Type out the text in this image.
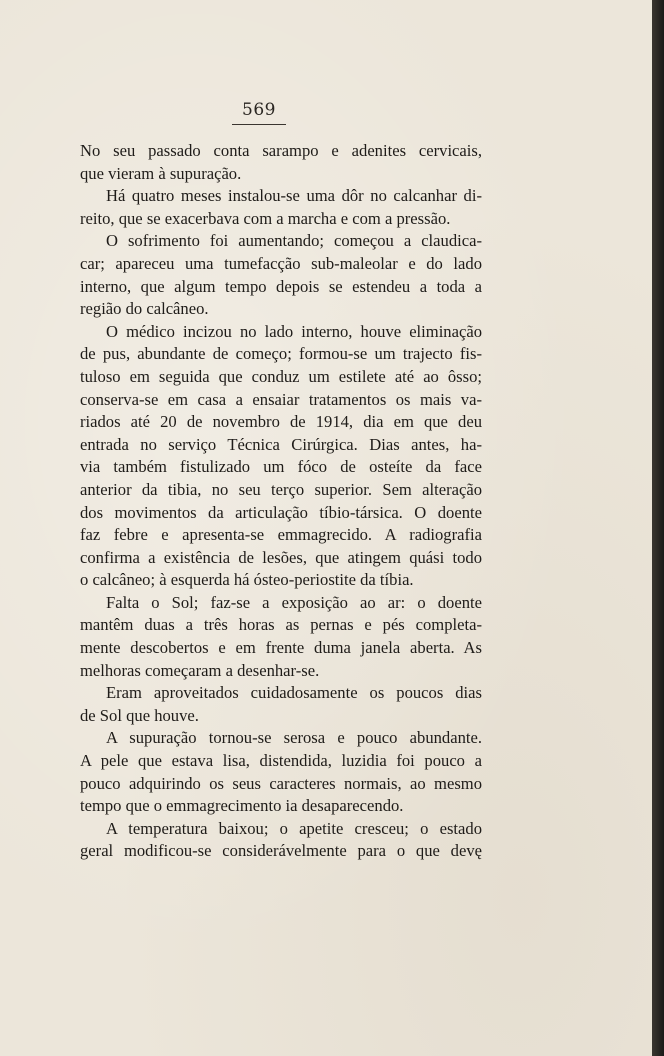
569
No seu passado conta sarampo e adenites cervicais,
que vieram à supuração.
Há quatro meses instalou-se uma dôr no calcanhar di-
reito, que se exacerbava com a marcha e com a pressão.
O sofrimento foi aumentando; começou a claudica-
car; apareceu uma tumefacção sub-maleolar e do lado
interno, que algum tempo depois se estendeu a toda a
região do calcâneo.
O médico incizou no lado interno, houve eliminação
de pus, abundante de começo; formou-se um trajecto fis-
tuloso em seguida que conduz um estilete até ao ôsso;
conserva-se em casa a ensaiar tratamentos os mais va-
riados até 20 de novembro de 1914, dia em que deu
entrada no serviço Técnica Cirúrgica. Dias antes, ha-
via também fistulizado um fóco de osteíte da face
anterior da tibia, no seu terço superior. Sem alteração
dos movimentos da articulação tíbio-társica. O doente
faz febre e apresenta-se emmagrecido. A radiografia
confirma a existência de lesões, que atingem quási todo
o calcâneo; à esquerda há ósteo-periostite da tíbia.
Falta o Sol; faz-se a exposição ao ar: o doente
mantêm duas a três horas as pernas e pés completa-
mente descobertos e em frente duma janela aberta. As
melhoras começaram a desenhar-se.
Eram aproveitados cuidadosamente os poucos dias
de Sol que houve.
A supuração tornou-se serosa e pouco abundante.
A pele que estava lisa, distendida, luzidia foi pouco a
pouco adquirindo os seus caracteres normais, ao mesmo
tempo que o emmagrecimento ia desaparecendo.
A temperatura baixou; o apetite cresceu; o estado
geral modificou-se considerávelmente para o que devę
